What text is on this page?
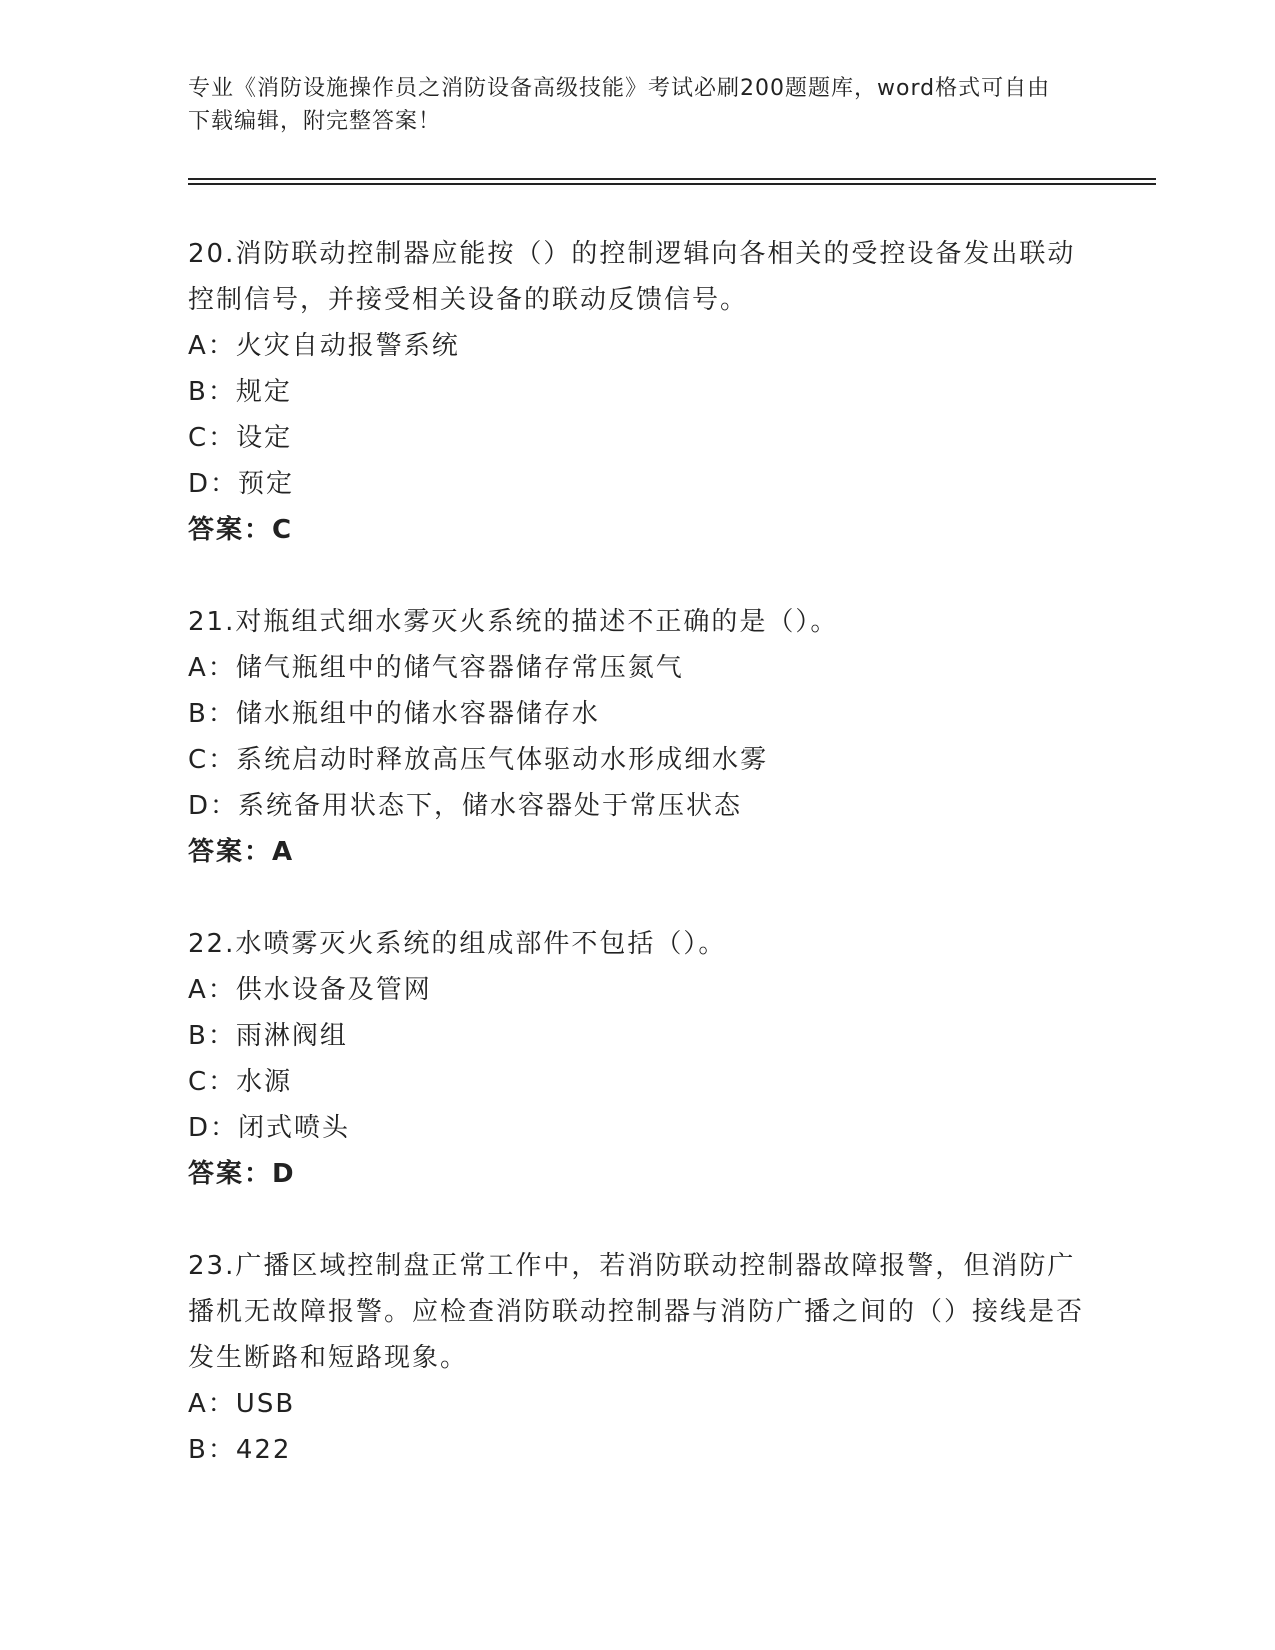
专业《消防设施操作员之消防设备高级技能》考试必刷200题题库，word格式可自由下载编辑，附完整答案！

20.消防联动控制器应能按（）的控制逻辑向各相关的受控设备发出联动控制信号，并接受相关设备的联动反馈信号。

A：火灾自动报警系统

B：规定

C：设定

D：预定

答案：C

21.对瓶组式细水雾灭火系统的描述不正确的是（）。

A：储气瓶组中的储气容器储存常压氮气

B：储水瓶组中的储水容器储存水

C：系统启动时释放高压气体驱动水形成细水雾

D：系统备用状态下，储水容器处于常压状态

答案：A

22.水喷雾灭火系统的组成部件不包括（）。

A：供水设备及管网

B：雨淋阀组

C：水源

D：闭式喷头

答案：D

23.广播区域控制盘正常工作中，若消防联动控制器故障报警，但消防广播机无故障报警。应检查消防联动控制器与消防广播之间的（）接线是否发生断路和短路现象。

A：USB

B：422
